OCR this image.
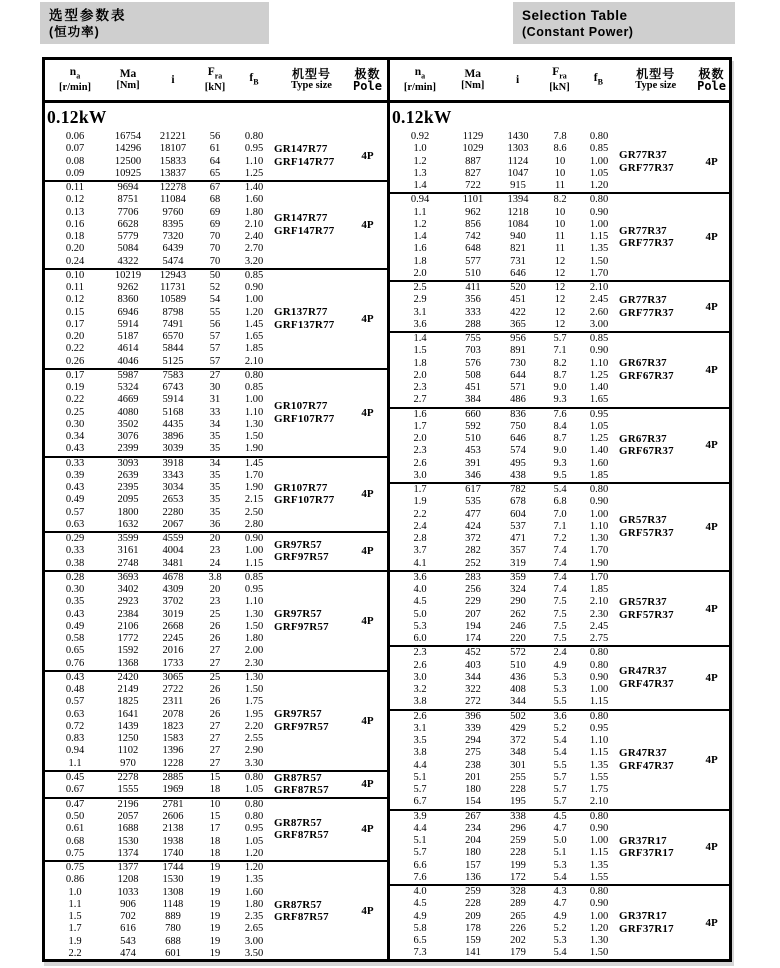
选型参数表
(恒功率)
Selection Table
(Constant Power)
$n_a$
[r/min]
Ma
[Nm]	i
$F_{ra}$
[kN]
$f_B$
机型号
Type size
极数
Pole
0.12kW
0.06	16754	21221	56	0.80
0.07	14296	18107	61	0.95
0.08	12500	15833	64	1.10
0.09	10925	13837	65	1.25
GR147R77
GRF147R77	4P
0.11	9694	12278	67	1.40
0.12	8751	11084	68	1.60
0.13	7706	9760	69	1.80
0.16	6628	8395	69	2.10
0.18	5779	7320	70	2.40
0.20	5084	6439	70	2.70
0.24	4322	5474	70	3.20
GR147R77
GRF147R77	4P
0.10	10219	12943	50	0.85
0.11	9262	11731	52	0.90
0.12	8360	10589	54	1.00
0.15	6946	8798	55	1.20
0.17	5914	7491	56	1.45
0.20	5187	6570	57	1.65
0.22	4614	5844	57	1.85
0.26	4046	5125	57	2.10
GR137R77
GRF137R77	4P
0.17	5987	7583	27	0.80
0.19	5324	6743	30	0.85
0.22	4669	5914	31	1.00
0.25	4080	5168	33	1.10
0.30	3502	4435	34	1.30
0.34	3076	3896	35	1.50
0.43	2399	3039	35	1.90
GR107R77
GRF107R77	4P
0.33	3093	3918	34	1.45
0.39	2639	3343	35	1.70
0.43	2395	3034	35	1.90
0.49	2095	2653	35	2.15
0.57	1800	2280	35	2.50
0.63	1632	2067	36	2.80
GR107R77
GRF107R77	4P
0.29	3599	4559	20	0.90
0.33	3161	4004	23	1.00
0.38	2748	3481	24	1.15
GR97R57
GRF97R57	4P
0.28	3693	4678	3.8	0.85
0.30	3402	4309	20	0.95
0.35	2923	3702	23	1.10
0.43	2384	3019	25	1.30
0.49	2106	2668	26	1.50
0.58	1772	2245	26	1.80
0.65	1592	2016	27	2.00
0.76	1368	1733	27	2.30
GR97R57
GRF97R57	4P
0.43	2420	3065	25	1.30
0.48	2149	2722	26	1.50
0.57	1825	2311	26	1.75
0.63	1641	2078	26	1.95
0.72	1439	1823	27	2.20
0.83	1250	1583	27	2.55
0.94	1102	1396	27	2.90
1.1	970	1228	27	3.30
GR97R57
GRF97R57	4P
0.45	2278	2885	15	0.80
0.67	1555	1969	18	1.05
GR87R57
GRF87R57	4P
0.47	2196	2781	10	0.80
0.50	2057	2606	15	0.80
0.61	1688	2138	17	0.95
0.68	1530	1938	18	1.05
0.75	1374	1740	18	1.20
GR87R57
GRF87R57	4P
0.75	1377	1744	19	1.20
0.86	1208	1530	19	1.35
1.0	1033	1308	19	1.60
1.1	906	1148	19	1.80
1.5	702	889	19	2.35
1.7	616	780	19	2.65
1.9	543	688	19	3.00
2.2	474	601	19	3.50
GR87R57
GRF87R57	4P
$n_a$
[r/min]
Ma
[Nm]	i
$F_{ra}$
[kN]
$f_B$
机型号
Type size
极数
Pole
0.12kW
0.92	1129	1430	7.8	0.80
1.0	1029	1303	8.6	0.85
1.2	887	1124	10	1.00
1.3	827	1047	10	1.05
1.4	722	915	11	1.20
GR77R37
GRF77R37	4P
0.94	1101	1394	8.2	0.80
1.1	962	1218	10	0.90
1.2	856	1084	10	1.00
1.4	742	940	11	1.15
1.6	648	821	11	1.35
1.8	577	731	12	1.50
2.0	510	646	12	1.70
GR77R37
GRF77R37	4P
2.5	411	520	12	2.10
2.9	356	451	12	2.45
3.1	333	422	12	2.60
3.6	288	365	12	3.00
GR77R37
GRF77R37	4P
1.4	755	956	5.7	0.85
1.5	703	891	7.1	0.90
1.8	576	730	8.2	1.10
2.0	508	644	8.7	1.25
2.3	451	571	9.0	1.40
2.7	384	486	9.3	1.65
GR67R37
GRF67R37	4P
1.6	660	836	7.6	0.95
1.7	592	750	8.4	1.05
2.0	510	646	8.7	1.25
2.3	453	574	9.0	1.40
2.6	391	495	9.3	1.60
3.0	346	438	9.5	1.85
GR67R37
GRF67R37	4P
1.7	617	782	5.4	0.80
1.9	535	678	6.8	0.90
2.2	477	604	7.0	1.00
2.4	424	537	7.1	1.10
2.8	372	471	7.2	1.30
3.7	282	357	7.4	1.70
4.1	252	319	7.4	1.90
GR57R37
GRF57R37	4P
3.6	283	359	7.4	1.70
4.0	256	324	7.4	1.85
4.5	229	290	7.5	2.10
5.0	207	262	7.5	2.30
5.3	194	246	7.5	2.45
6.0	174	220	7.5	2.75
GR57R37
GRF57R37	4P
2.3	452	572	2.4	0.80
2.6	403	510	4.9	0.80
3.0	344	436	5.3	0.90
3.2	322	408	5.3	1.00
3.8	272	344	5.5	1.15
GR47R37
GRF47R37	4P
2.6	396	502	3.6	0.80
3.1	339	429	5.2	0.95
3.5	294	372	5.4	1.10
3.8	275	348	5.4	1.15
4.4	238	301	5.5	1.35
5.1	201	255	5.7	1.55
5.7	180	228	5.7	1.75
6.7	154	195	5.7	2.10
GR47R37
GRF47R37	4P
3.9	267	338	4.5	0.80
4.4	234	296	4.7	0.90
5.1	204	259	5.0	1.00
5.7	180	228	5.1	1.15
6.6	157	199	5.3	1.35
7.6	136	172	5.4	1.55
GR37R17
GRF37R17	4P
4.0	259	328	4.3	0.80
4.5	228	289	4.7	0.90
4.9	209	265	4.9	1.00
5.8	178	226	5.2	1.20
6.5	159	202	5.3	1.30
7.3	141	179	5.4	1.50
GR37R17
GRF37R17	4P
